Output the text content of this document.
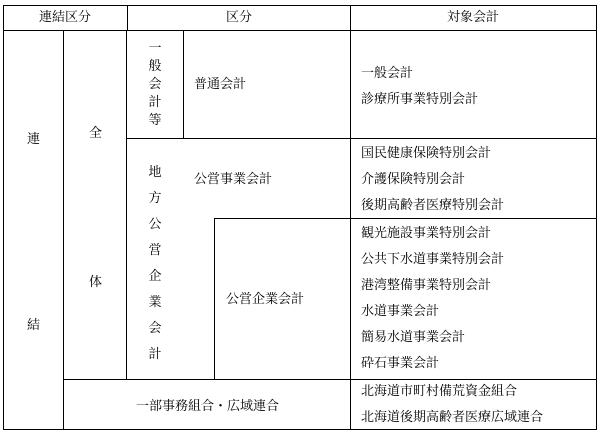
連結区分	区分	対象会計
連
結
全
体
一般会計等
普通会計
一般会計
診療所事業特別会計
地方公営企業会計
公営事業会計
国民健康保険特別会計
介護保険特別会計
後期高齢者医療特別会計
公営企業会計
観光施設事業特別会計
公共下水道事業特別会計
港湾整備事業特別会計
水道事業会計
簡易水道事業会計
砕石事業会計
一部事務組合・広域連合
北海道市町村備荒資金組合
北海道後期高齢者医療広域連合
